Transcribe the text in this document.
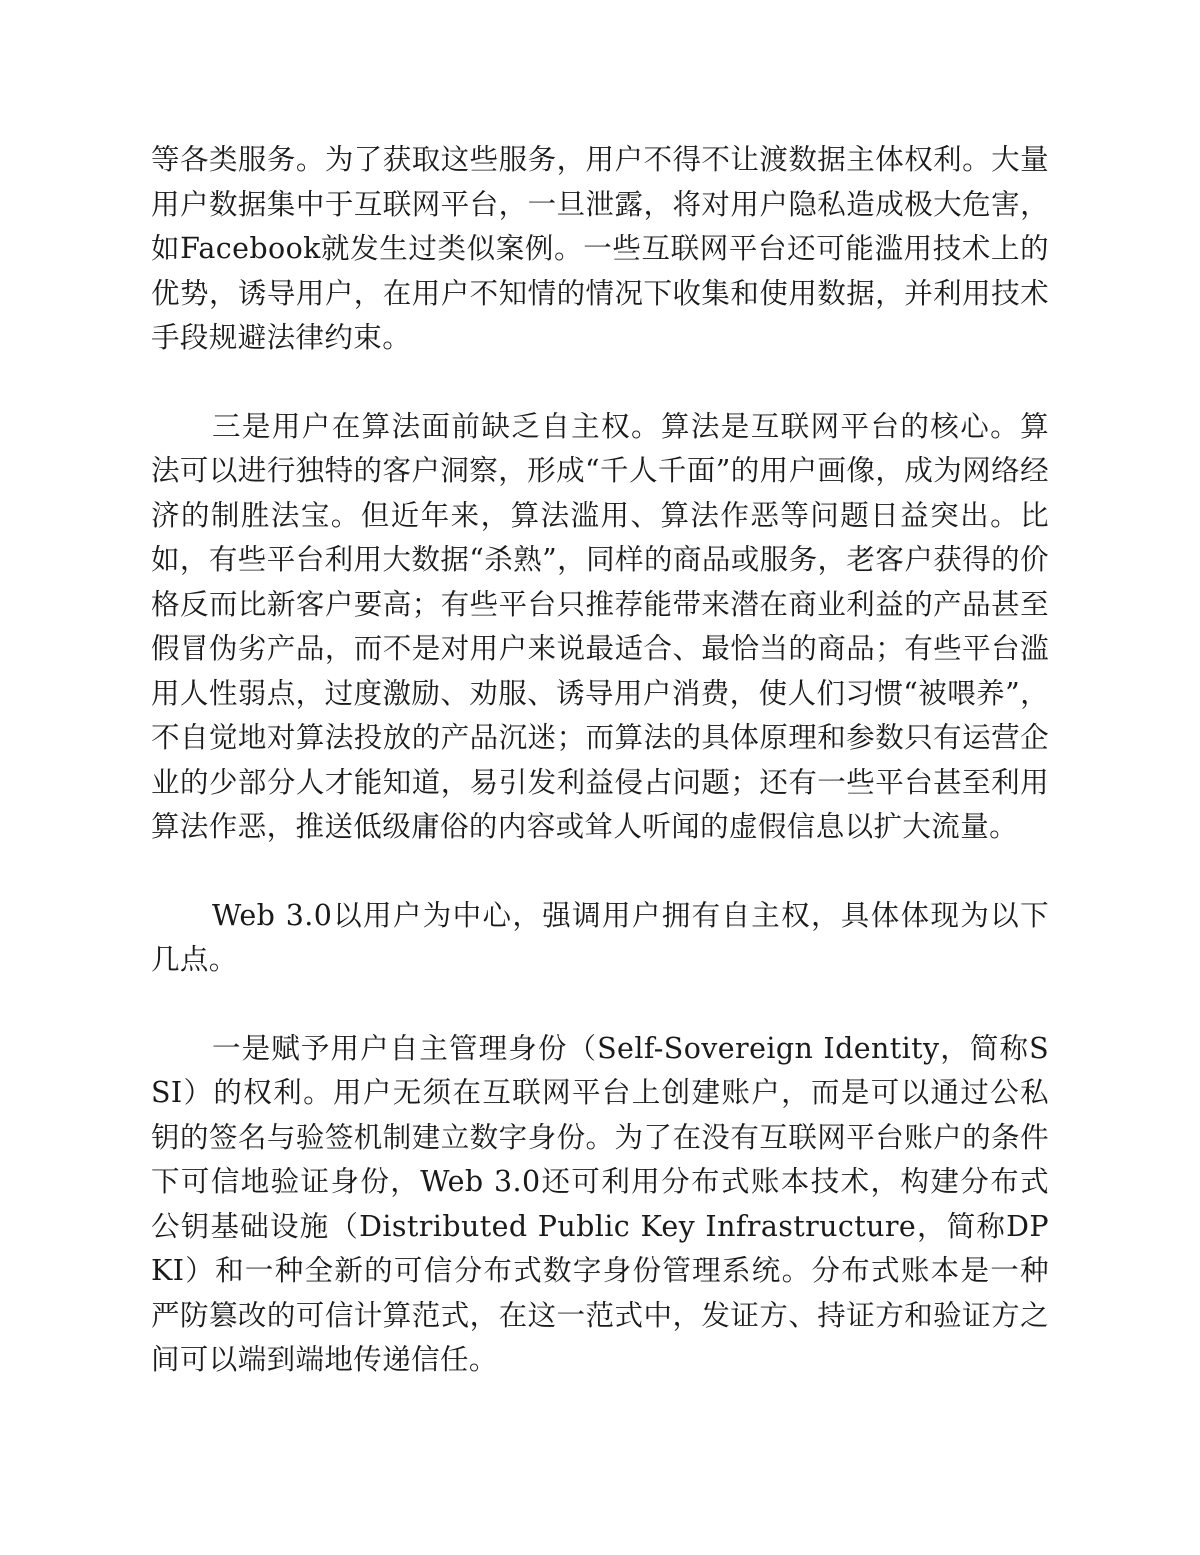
等各类服务。为了获取这些服务，用户不得不让渡数据主体权利。大量用户数据集中于互联网平台，一旦泄露，将对用户隐私造成极大危害，如Facebook就发生过类似案例。一些互联网平台还可能滥用技术上的优势，诱导用户，在用户不知情的情况下收集和使用数据，并利用技术手段规避法律约束。

三是用户在算法面前缺乏自主权。算法是互联网平台的核心。算法可以进行独特的客户洞察，形成“千人千面”的用户画像，成为网络经济的制胜法宝。但近年来，算法滥用、算法作恶等问题日益突出。比如，有些平台利用大数据“杀熟”，同样的商品或服务，老客户获得的价格反而比新客户要高；有些平台只推荐能带来潜在商业利益的产品甚至假冒伪劣产品，而不是对用户来说最适合、最恰当的商品；有些平台滥用人性弱点，过度激励、劝服、诱导用户消费，使人们习惯“被喂养”，不自觉地对算法投放的产品沉迷；而算法的具体原理和参数只有运营企业的少部分人才能知道，易引发利益侵占问题；还有一些平台甚至利用算法作恶，推送低级庸俗的内容或耸人听闻的虚假信息以扩大流量。

Web 3.0以用户为中心，强调用户拥有自主权，具体体现为以下几点。

一是赋予用户自主管理身份（Self-Sovereign Identity，简称SSI）的权利。用户无须在互联网平台上创建账户，而是可以通过公私钥的签名与验签机制建立数字身份。为了在没有互联网平台账户的条件下可信地验证身份，Web 3.0还可利用分布式账本技术，构建分布式公钥基础设施（Distributed Public Key Infrastructure，简称DPKI）和一种全新的可信分布式数字身份管理系统。分布式账本是一种严防篡改的可信计算范式，在这一范式中，发证方、持证方和验证方之间可以端到端地传递信任。
